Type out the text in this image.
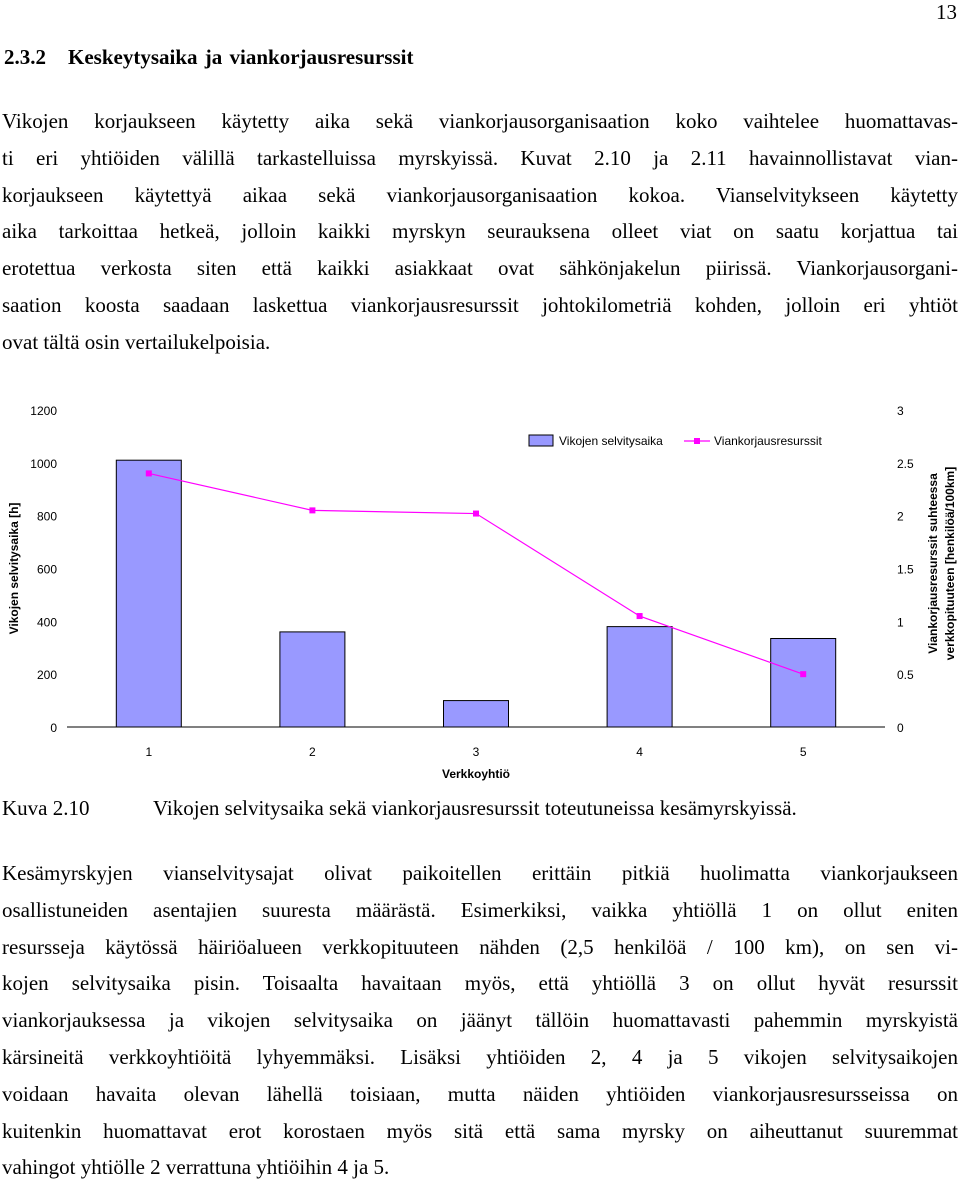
13
2.3.2 Keskeytysaika ja viankorjausresurssit
Vikojen korjaukseen käytetty aika sekä viankorjausorganisaation koko vaihtelee huomattavas-
ti eri yhtiöiden välillä tarkastelluissa myrskyissä. Kuvat 2.10 ja 2.11 havainnollistavat vian-
korjaukseen käytettyä aikaa sekä viankorjausorganisaation kokoa. Vianselvitykseen käytetty
aika tarkoittaa hetkeä, jolloin kaikki myrskyn seurauksena olleet viat on saatu korjattua tai
erotettua verkosta siten että kaikki asiakkaat ovat sähkönjakelun piirissä. Viankorjausorgani-
saation koosta saadaan laskettua viankorjausresurssit johtokilometriä kohden, jolloin eri yhtiöt
ovat tältä osin vertailukelpoisia.
0
200
400
600
800
1000
1200
0
0.5
1
1.5
2
2.5
3
1	2	3	4	5
Verkkoyhtiö
Vikojen selvitysaika [h]	Viankorjausresurssit suhteessa verkkopituuteen [henkilöä/100km]
Vikojen selvitysaika	Viankorjausresurssit
Kuva 2.10	Vikojen selvitysaika sekä viankorjausresurssit toteutuneissa kesämyrskyissä.
Kesämyrskyjen vianselvitysajat olivat paikoitellen erittäin pitkiä huolimatta viankorjaukseen
osallistuneiden asentajien suuresta määrästä. Esimerkiksi, vaikka yhtiöllä 1 on ollut eniten
resursseja käytössä häiriöalueen verkkopituuteen nähden (2,5 henkilöä / 100 km), on sen vi-
kojen selvitysaika pisin. Toisaalta havaitaan myös, että yhtiöllä 3 on ollut hyvät resurssit
viankorjauksessa ja vikojen selvitysaika on jäänyt tällöin huomattavasti pahemmin myrskyistä
kärsineitä verkkoyhtiöitä lyhyemmäksi. Lisäksi yhtiöiden 2, 4 ja 5 vikojen selvitysaikojen
voidaan havaita olevan lähellä toisiaan, mutta näiden yhtiöiden viankorjausresursseissa on
kuitenkin huomattavat erot korostaen myös sitä että sama myrsky on aiheuttanut suuremmat
vahingot yhtiölle 2 verrattuna yhtiöihin 4 ja 5.
